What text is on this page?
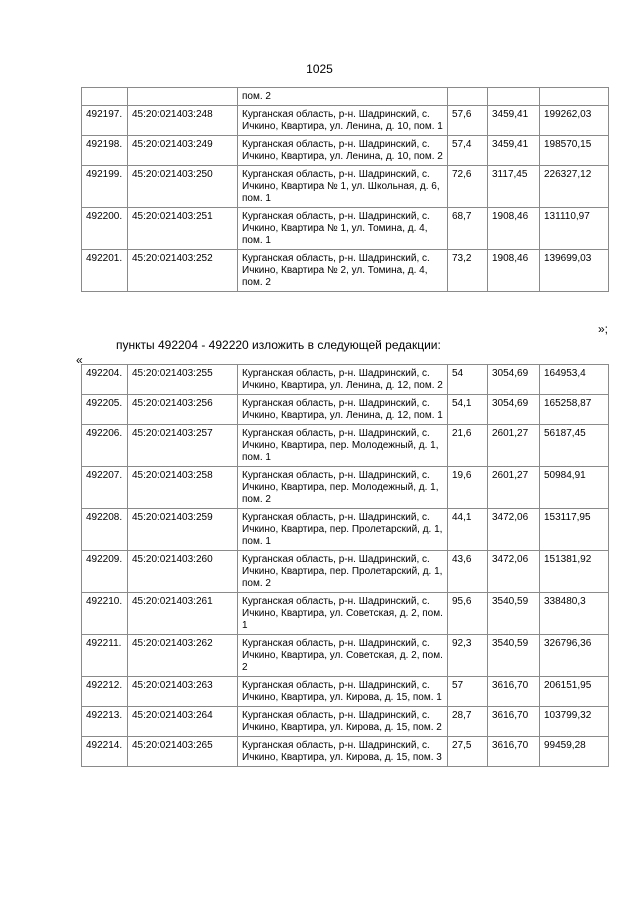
1025
		пом. 2			
492197.	45:20:021403:248	Курганская область, р-н. Шадринский, с. Ичкино, Квартира, ул. Ленина, д. 10, пом. 1	57,6	3459,41	199262,03
492198.	45:20:021403:249	Курганская область, р-н. Шадринский, с. Ичкино, Квартира, ул. Ленина, д. 10, пом. 2	57,4	3459,41	198570,15
492199.	45:20:021403:250	Курганская область, р-н. Шадринский, с. Ичкино, Квартира № 1, ул. Школьная, д. 6, пом. 1	72,6	3117,45	226327,12
492200.	45:20:021403:251	Курганская область, р-н. Шадринский, с. Ичкино, Квартира № 1, ул. Томина, д. 4, пом. 1	68,7	1908,46	131110,97
492201.	45:20:021403:252	Курганская область, р-н. Шадринский, с. Ичкино, Квартира № 2, ул. Томина, д. 4, пом. 2	73,2	1908,46	139699,03
»;
пункты 492204 - 492220 изложить в следующей редакции:
«
492204.	45:20:021403:255	Курганская область, р-н. Шадринский, с. Ичкино, Квартира, ул. Ленина, д. 12, пом. 2	54	3054,69	164953,4
492205.	45:20:021403:256	Курганская область, р-н. Шадринский, с. Ичкино, Квартира, ул. Ленина, д. 12, пом. 1	54,1	3054,69	165258,87
492206.	45:20:021403:257	Курганская область, р-н. Шадринский, с. Ичкино, Квартира, пер. Молодежный, д. 1, пом. 1	21,6	2601,27	56187,45
492207.	45:20:021403:258	Курганская область, р-н. Шадринский, с. Ичкино, Квартира, пер. Молодежный, д. 1, пом. 2	19,6	2601,27	50984,91
492208.	45:20:021403:259	Курганская область, р-н. Шадринский, с. Ичкино, Квартира, пер. Пролетарский, д. 1, пом. 1	44,1	3472,06	153117,95
492209.	45:20:021403:260	Курганская область, р-н. Шадринский, с. Ичкино, Квартира, пер. Пролетарский, д. 1, пом. 2	43,6	3472,06	151381,92
492210.	45:20:021403:261	Курганская область, р-н. Шадринский, с. Ичкино, Квартира, ул. Советская, д. 2, пом. 1	95,6	3540,59	338480,3
492211.	45:20:021403:262	Курганская область, р-н. Шадринский, с. Ичкино, Квартира, ул. Советская, д. 2, пом. 2	92,3	3540,59	326796,36
492212.	45:20:021403:263	Курганская область, р-н. Шадринский, с. Ичкино, Квартира, ул. Кирова, д. 15, пом. 1	57	3616,70	206151,95
492213.	45:20:021403:264	Курганская область, р-н. Шадринский, с. Ичкино, Квартира, ул. Кирова, д. 15, пом. 2	28,7	3616,70	103799,32
492214.	45:20:021403:265	Курганская область, р-н. Шадринский, с. Ичкино, Квартира, ул. Кирова, д. 15, пом. 3	27,5	3616,70	99459,28
